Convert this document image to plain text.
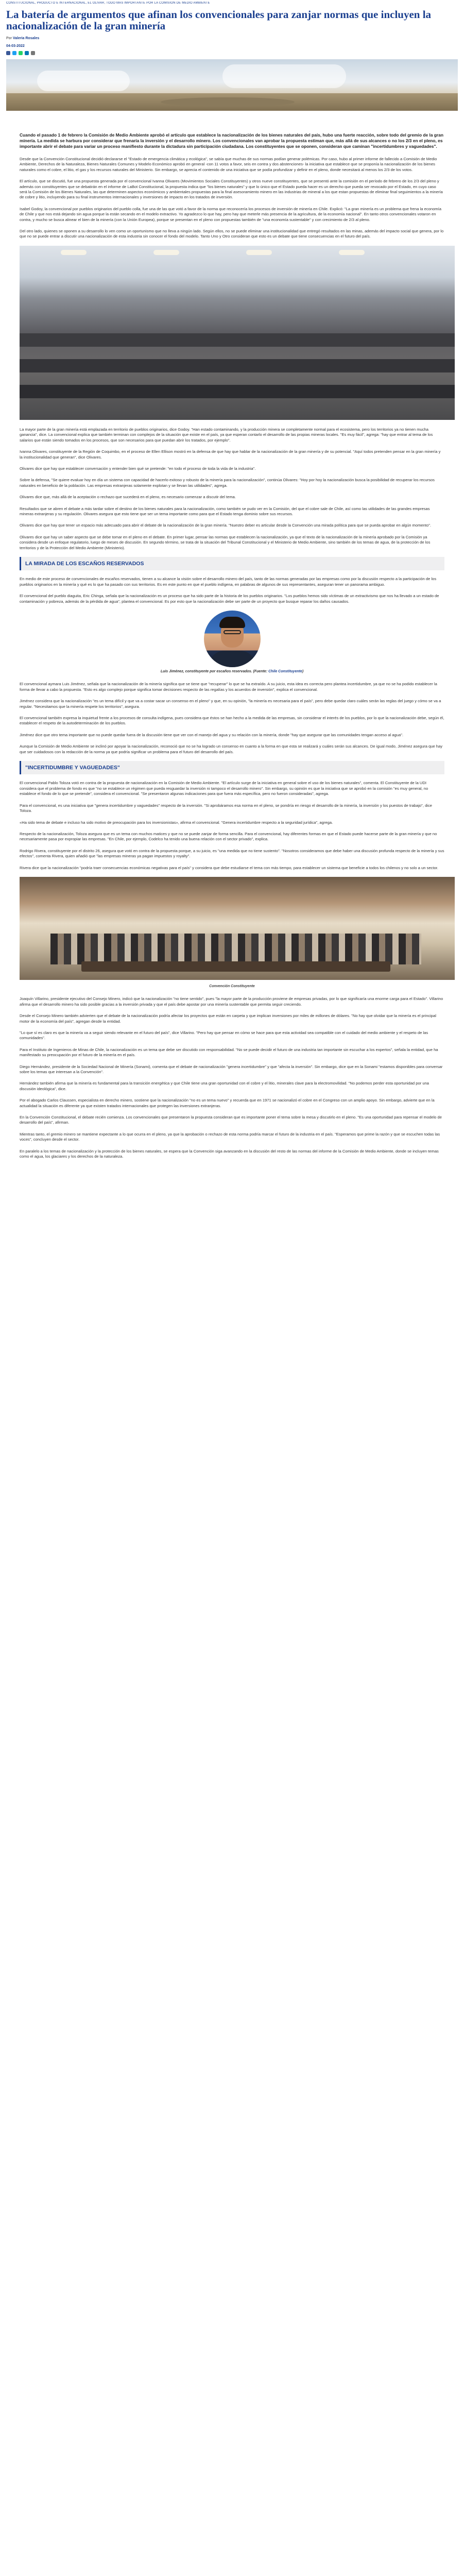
CONSTITUCIONAL, PRODUCTO E INTERNACIONAL, EL OLIVAR, TODO MÁS IMPORTANTE POR LA COMISIÓN DE MEDIO AMBIENTE
La batería de argumentos que afinan los convencionales para zanjar normas que incluyen la nacionalización de la gran minería
Por Valeria Rosales
04-03-2022
Cuando el pasado 1 de febrero la Comisión de Medio Ambiente aprobó el artículo que establece la nacionalización de los bienes naturales del país, hubo una fuerte reacción, sobre todo del gremio de la gran minería. La medida se harbura por considerar que frenaría la inversión y el desarrollo minero. Los convencionales van aprobar la propuesta estiman que, más allá de sus alcances o no los 2/3 en el pleno, es importante abrir el debate para variar un proceso manifiesto durante la dictadura sin participación ciudadana. Los constituyentes que se oponen, consideran que caminan "incertidumbres y vaguedades".

Desde que la Convención Constitucional decidió declararse el "Estado de emergencia climática y ecológica", se sabía que muchas de sus normas podían generar polémicas. Por caso, hubo al primer informe de fallecido a Comisión de Medio Ambiente, Derechos de la Naturaleza, Bienes Naturales Comunes y Modelo Económico aprobó en general -con 11 votos a favor, seis en contra y dos abstenciones- la iniciativa que establece que se proponía la nacionalización de los bienes naturales como el cobre, el litio, el gas y los recursos naturales del Ministerio. Sin embargo, se aprecia el contenido de una iniciativa que se podía profundizar y definir en el pleno, donde necesitará al menos los 2/3 de los votos.

El artículo, que se discutió, fue una propuesta generada por el convencional Ivanna Olivares (Movimientos Sociales Constituyentes) y otros nueve constituyentes, que se presentó ante la comisión en el período de febrero de los 2/3 del pleno y además con constituyentes que se debatirán en el informe de LaBot Constitucional, la propuesta indica que "los bienes naturales" y que lo único que el Estado pueda hacer es un derecho que pueda ser revocado por el Estado, en cuyo caso será la Comisión de los Bienes Naturales, las que determinen aspectos económicos y ambientales propuestas para la final asesoramiento minero en las industrias de mineral a los que estan propuestas de eliminar final seguimientos a la minería de cobre y litio, incluyendo para su final instrumentos internacionales y inversiones de impacto en los tratados de inversión.

Isabel Godoy, la convencional por pueblos originarios del pueblo colla, fue una de las que votó a favor de la norma que reconocería los procesos de inversión de minería en Chile. Explicó: "La gran minería es un problema que frena la economía de Chile y que nos está dejando sin agua porque la están secando en el modelo extractivo. Yo agradezco lo que hay, pero hay que meterle más presencia de la agricultura, de la economía nacional". En tanto otros convencionales votaron en contra, y mucho se busca alinear el bien de la minería (con la Unión Europea), porque se presentan en el pleno con propuestas también de "una economía sustentable" y con crecimiento de 2/3 al pleno.

Del otro lado, quienes se oponen a su desarrollo lo ven como un oportunismo que no lleva a ningún lado. Según ellos, no se puede eliminar una institucionalidad que entregó resultados en las minas, además del impacto social que genera, por lo que no se puede entrar a discutir una nacionalización de esta industria sin conocer el fondo del modelo. Tanto Uno y Otro consideran que esto es un debate que tiene consecuencias en el futuro del país.

La mayor parte de la gran minería está emplazada en territorio de pueblos originarios, dice Godoy. "Han estado contaminando, y la producción minera se completamente normal para el ecosistema, pero los territorios ya no tienen mucha ganancia", dice. La convencional explica que también terminan con complejos de la situación que existe en el país, ya que esperan contarlo el desarrollo de las propias mineras locales. "Es muy fácil", agrega: "hay que entrar al tema de los salarios que están siendo tomados en los procesos, que son necesarios para que puedan abrir los tratados, por ejemplo".

Ivanna Olivares, constituyente de la Región de Coquimbo, en el proceso de Ellen Ellison mostró en la defensa de que hay que hablar de la nacionalización de la gran minería y de su potencial. "Aquí todos pretenden pensar en la gran minería y la institucionalidad que generan", dice Olivares.

Olivares dice que hay que establecer conversación y entender bien qué se pretende: "en todo el proceso de toda la vida de la industria".

Sobre la defensa, "Se quiere evaluar hoy en día un sistema con capacidad de hacerlo exitoso y robusto de la minería para la nacionalización", continúa Olivares: "Hoy por hoy la nacionalización busca la posibilidad de recuperar los recursos naturales en beneficio de la población. Las empresas extranjeras solamente explotan y se llevan las utilidades", agrega.

Olivares dice que, más allá de la aceptación o rechazo que sucederá en el pleno, es necesario comenzar a discutir del tema.

Resultados que se abren el debate a más tardar sobre el destino de los bienes naturales para la nacionalización, como también se pudo ver en la Comisión, del que el cobre sale de Chile, así como las utilidades de las grandes empresas mineras extranjeras y su regulación. Olivares asegura que esto tiene que ser un tema importante como para que el Estado tenga dominio sobre sus recursos.

Olivares dice que hay que tener un espacio más adecuado para abrir el debate de la nacionalización de la gran minería. "Nuestro deber es articular desde la Convención una mirada política para que se pueda aprobar en algún momento".

Olivares dice que hay un saber aspecto que se debe tomar en el pleno en el debate. En primer lugar, pensar las normas que establecen la nacionalización, ya que el texto de la nacionalización de la minería aprobado por la Comisión ya considera desde un enfoque regulatorio, luego de meses de discusión. En segundo término, se trata de la situación del Tribunal Constitucional y el Ministerio de Medio Ambiente, sino también de los temas de agua, de la protección de los territorios y de la Protección del Medio Ambiente (Ministerio).

LA MIRADA DE LOS ESCAÑOS RESERVADOS

En medio de este proceso de convencionales de escaños reservados, tienen a su alcance la visión sobre el desarrollo minero del país, tanto de las normas generadas por las empresas como por la discusión respecto a la participación de los pueblos originarios en la minería y qué es lo que ha pasado con sus territorios. Es en este punto en que el pueblo indígena, en palabras de algunos de sus representantes, aseguran tener un panorama ambiguo.

El convencional del pueblo diaguita, Eric Chinga, señala que la nacionalización es un proceso que ha sido parte de la historia de los pueblos originarios. "Los pueblos hemos sido víctimas de un extractivismo que nos ha llevado a un estado de contaminación y pobreza, además de la pérdida de agua", plantea el convencional. Es por esto que la nacionalización debe ser parte de un proyecto que busque reparar los daños causados.

Luis Jiménez, constituyente por escaños reservados. (Fuente: Chile Constituyente)

El convencional aymara Luis Jiménez, señala que la nacionalización de la minería significa que se tiene que "recuperar" lo que se ha extraído. A su juicio, esta idea es correcta pero plantea incertidumbre, ya que no se ha podido establecer la forma de llevar a cabo la propuesta. "Esto es algo complejo porque significa tomar decisiones respecto de las regalías y los acuerdos de inversión", explica el convencional.

Jiménez considera que la nacionalización "es un tema difícil y que va a costar sacar un consenso en el pleno" y que, en su opinión, "la minería es necesaria para el país", pero debe quedar claro cuáles serán las reglas del juego y cómo se va a regular. "Necesitamos que la minería respete los territorios", asegura.

El convencional también expresa la inquietud frente a los procesos de consulta indígena, pues considera que éstos se han hecho a la medida de las empresas, sin considerar el interés de los pueblos, por lo que la nacionalización debe, según él, establecer el respeto de la autodeterminación de los pueblos.

Jiménez dice que otro tema importante que no puede quedar fuera de la discusión tiene que ver con el manejo del agua y su relación con la minería, donde "hay que asegurar que las comunidades tengan acceso al agua".

Aunque la Comisión de Medio Ambiente se inclinó por apoyar la nacionalización, reconoció que no se ha logrado un consenso en cuanto a la forma en que esta se realizará y cuáles serán sus alcances. De igual modo, Jiménez asegura que hay que ser cuidadosos con la redacción de la norma ya que podría significar un problema para el futuro del desarrollo del país.

"INCERTIDUMBRE Y VAGUEDADES"

El convencional Pablo Toloza votó en contra de la propuesta de nacionalización en la Comisión de Medio Ambiente. "El artículo surge de la iniciativa en general sobre el uso de los bienes naturales", comenta. El Constituyente de la UDI considera que el problema de fondo es que "no se establece un régimen que pueda resguardar la inversión ni tampoco el desarrollo minero". Sin embargo, su opinión es que la iniciativa que se aprobó en la comisión "es muy general, no establece el fondo de lo que se pretende", considera el convencional. "Se presentaron algunas indicaciones para que fuera más específica, pero no fueron consideradas", agrega.

Para el convencional, es una iniciativa que "genera incertidumbre y vaguedades" respecto de la inversión. "Si aprobáramos esa norma en el pleno, se pondría en riesgo el desarrollo de la minería, la inversión y los puestos de trabajo", dice Toloza.

«Ha sido tema de debate e incluso ha sido motivo de preocupación para los inversionistas», afirma el convencional. "Genera incertidumbre respecto a la seguridad jurídica", agrega.

Respecto de la nacionalización, Toloza asegura que es un tema con muchos matices y que no se puede zanjar de forma sencilla. Para el convencional, hay diferentes formas en que el Estado puede hacerse parte de la gran minería y que no necesariamente pasa por expropiar las empresas. "En Chile, por ejemplo, Codelco ha tenido una buena relación con el sector privado", explica.

Rodrigo Rivera, constituyente por el distrito 26, asegura que votó en contra de la propuesta porque, a su juicio, es "una medida que no tiene sustento". "Nosotros consideramos que debe haber una discusión profunda respecto de la minería y sus efectos", comenta Rivera, quien añadió que "las empresas mineras ya pagan impuestos y royalty".

Rivera dice que la nacionalización "podría traer consecuencias económicas negativas para el país" y considera que debe estudiarse el tema con más tiempo, para establecer un sistema que beneficie a todos los chilenos y no solo a un sector.

Convención Constituyente

Joaquín Villarino, presidente ejecutivo del Consejo Minero, indicó que la nacionalización "no tiene sentido", pues "la mayor parte de la producción proviene de empresas privadas, por lo que significaría una enorme carga para el Estado". Villarino afirma que el desarrollo minero ha sido posible gracias a la inversión privada y que el país debe apostar por una minería sustentable que permita seguir creciendo.

Desde el Consejo Minero también advierten que el debate de la nacionalización podría afectar los proyectos que están en carpeta y que implican inversiones por miles de millones de dólares. "No hay que olvidar que la minería es el principal motor de la economía del país", agregan desde la entidad.

"Lo que sí es claro es que la minería va a seguir siendo relevante en el futuro del país", dice Villarino. "Pero hay que pensar en cómo se hace para que esta actividad sea compatible con el cuidado del medio ambiente y el respeto de las comunidades".

Para el Instituto de Ingenieros de Minas de Chile, la nacionalización es un tema que debe ser discutido con responsabilidad. "No se puede decidir el futuro de una industria tan importante sin escuchar a los expertos", señala la entidad, que ha manifestado su preocupación por el futuro de la minería en el país.

Diego Hernández, presidente de la Sociedad Nacional de Minería (Sonami), comenta que el debate de nacionalización "genera incertidumbre" y que "afecta la inversión". Sin embargo, dice que en la Sonami "estamos disponibles para conversar sobre los temas que interesan a la Convención".

Hernández también afirma que la minería es fundamental para la transición energética y que Chile tiene una gran oportunidad con el cobre y el litio, minerales clave para la electromovilidad. "No podemos perder esta oportunidad por una discusión ideológica", dice.

Por el abogado Carlos Claussen, especialista en derecho minero, sostiene que la nacionalización "no es un tema nuevo" y recuerda que en 1971 se nacionalizó el cobre en el Congreso con un amplio apoyo. Sin embargo, advierte que en la actualidad la situación es diferente ya que existen tratados internacionales que protegen las inversiones extranjeras.

En la Convención Constitucional, el debate recién comienza. Los convencionales que presentaron la propuesta consideran que es importante poner el tema sobre la mesa y discutirlo en el pleno. "Es una oportunidad para repensar el modelo de desarrollo del país", afirman.

Mientras tanto, el gremio minero se mantiene expectante a lo que ocurra en el pleno, ya que la aprobación o rechazo de esta norma podría marcar el futuro de la industria en el país. "Esperamos que prime la razón y que se escuchen todas las voces", concluyen desde el sector.

En paralelo a los temas de nacionalización y la protección de los bienes naturales, se espera que la Convención siga avanzando en la discusión del resto de las normas del informe de la Comisión de Medio Ambiente, donde se incluyen temas como el agua, los glaciares y los derechos de la naturaleza.
